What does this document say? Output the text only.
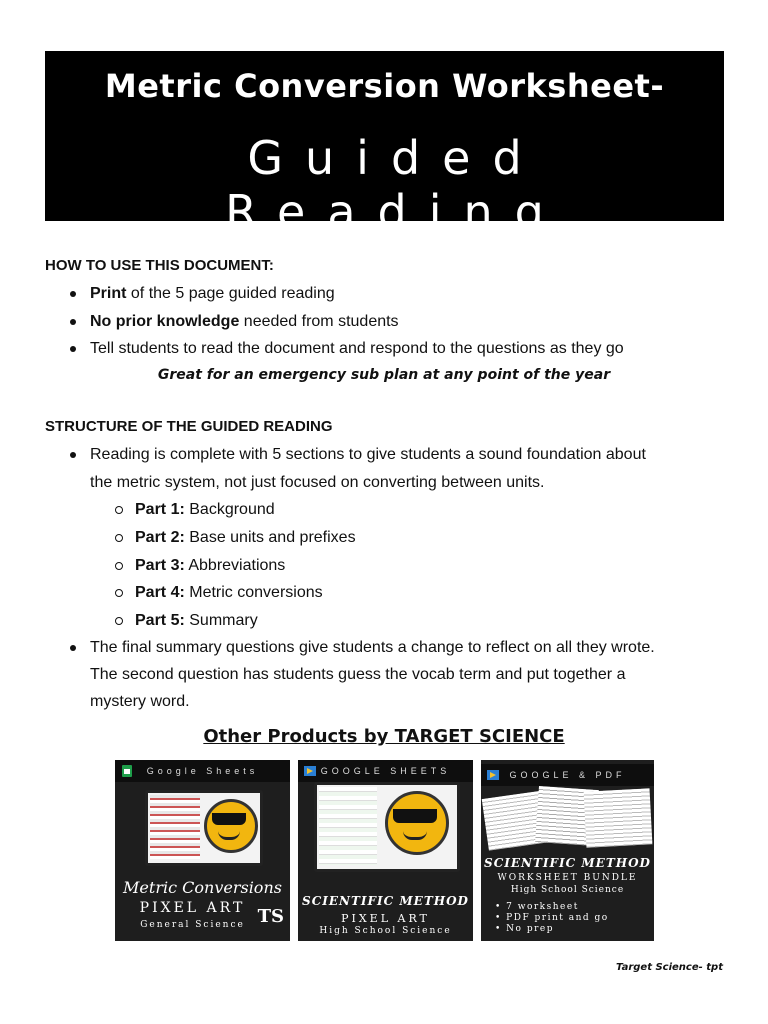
Metric Conversion Worksheet-
Guided Reading
HOW TO USE THIS DOCUMENT:
Print of the 5 page guided reading
No prior knowledge needed from students
Tell students to read the document and respond to the questions as they go
Great for an emergency sub plan at any point of the year
STRUCTURE OF THE GUIDED READING
Reading is complete with 5 sections to give students a sound foundation about
the metric system, not just focused on converting between units.
Part 1: Background
Part 2: Base units and prefixes
Part 3: Abbreviations
Part 4: Metric conversions
Part 5: Summary
The final summary questions give students a change to reflect on all they wrote.
The second question has students guess the vocab term and put together a
mystery word.
Other Products by TARGET SCIENCE
Google Sheets
Metric Conversions
PIXEL ART
General Science TS
GOOGLE SHEETS
SCIENTIFIC METHOD
PIXEL ART
High School Science
GOOGLE & PDF
SCIENTIFIC METHOD
WORKSHEET BUNDLE
High School Science
• 7 worksheet
• PDF print and go
• No prep
Target Science- tpt
